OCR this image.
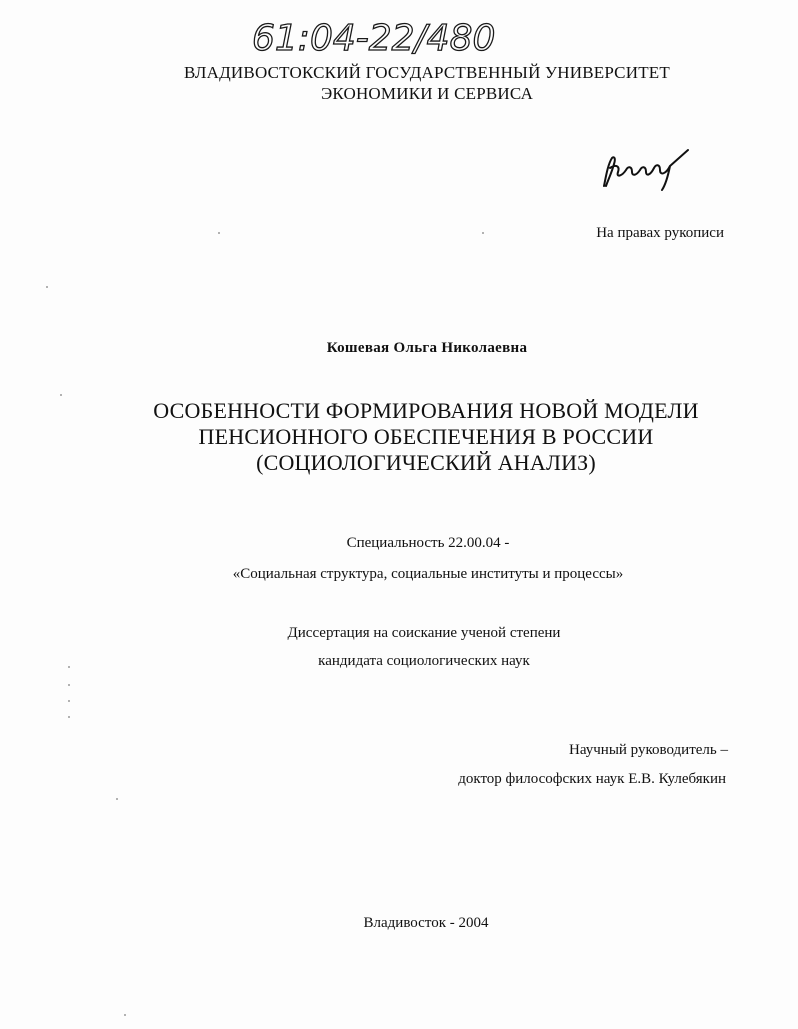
61:04-22/480
ВЛАДИВОСТОКСКИЙ ГОСУДАРСТВЕННЫЙ УНИВЕРСИТЕТ
ЭКОНОМИКИ И СЕРВИСА
На правах рукописи
Кошевая Ольга Николаевна
ОСОБЕННОСТИ ФОРМИРОВАНИЯ НОВОЙ МОДЕЛИ
ПЕНСИОННОГО ОБЕСПЕЧЕНИЯ В РОССИИ
(СОЦИОЛОГИЧЕСКИЙ АНАЛИЗ)
Специальность 22.00.04 -
«Социальная структура, социальные институты и процессы»
Диссертация на соискание ученой степени
кандидата социологических наук
Научный руководитель –
доктор философских наук Е.В. Кулебякин
Владивосток - 2004
